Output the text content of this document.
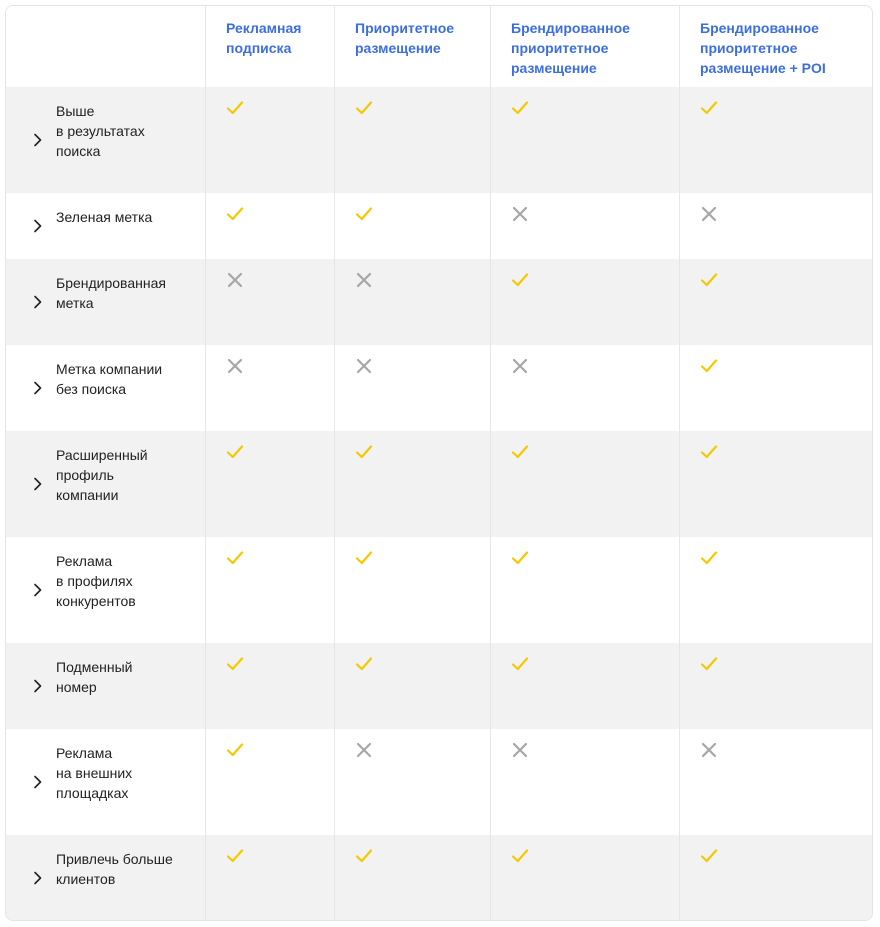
Рекламная
подписка
Приоритетное
размещение
Брендированное
приоритетное
размещение
Брендированное
приоритетное
размещение + POI
Выше
в результатах
поиска
Зеленая метка
Брендированная
метка
Метка компании
без поиска
Расширенный
профиль
компании
Реклама
в профилях
конкурентов
Подменный
номер
Реклама
на внешних
площадках
Привлечь больше
клиентов
